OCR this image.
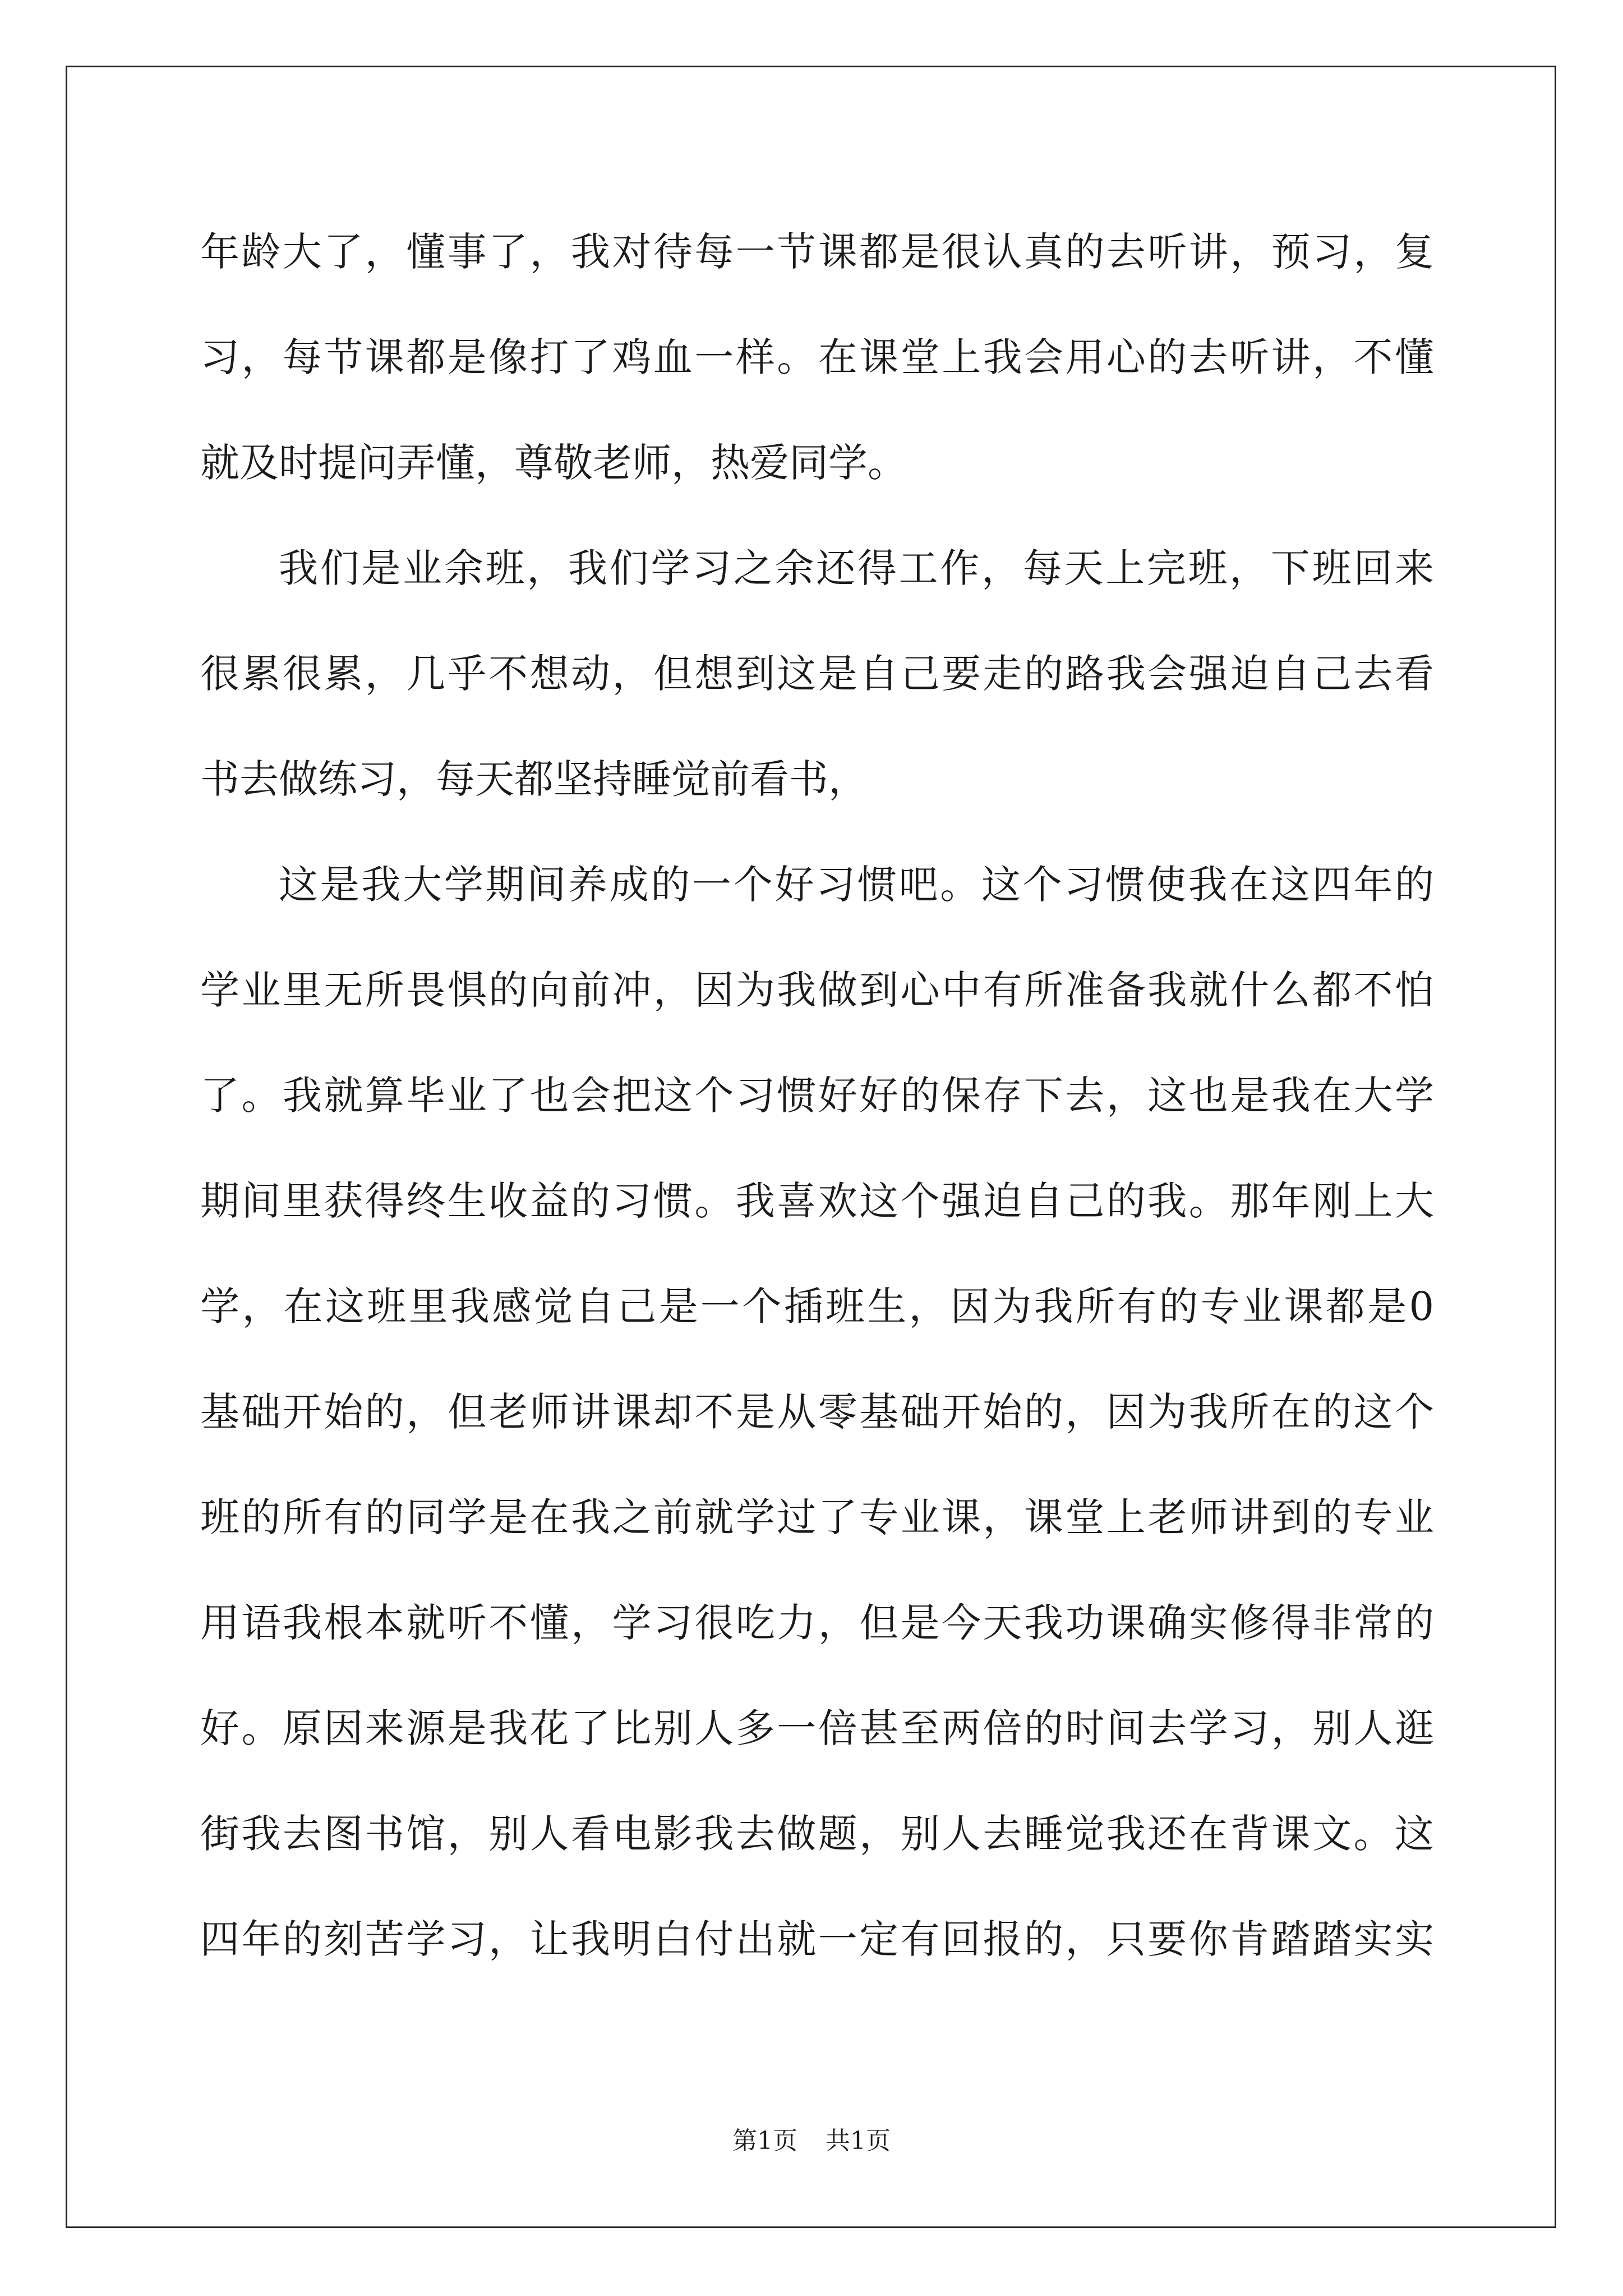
年龄大了，懂事了，我对待每一节课都是很认真的去听讲，预习，复
习，每节课都是像打了鸡血一样。在课堂上我会用心的去听讲，不懂
就及时提问弄懂，尊敬老师，热爱同学。
我们是业余班，我们学习之余还得工作，每天上完班，下班回来
很累很累，几乎不想动，但想到这是自己要走的路我会强迫自己去看
书去做练习，每天都坚持睡觉前看书，
这是我大学期间养成的一个好习惯吧。这个习惯使我在这四年的
学业里无所畏惧的向前冲，因为我做到心中有所准备我就什么都不怕
了。我就算毕业了也会把这个习惯好好的保存下去，这也是我在大学
期间里获得终生收益的习惯。我喜欢这个强迫自己的我。那年刚上大
学，在这班里我感觉自己是一个插班生，因为我所有的专业课都是0
基础开始的，但老师讲课却不是从零基础开始的，因为我所在的这个
班的所有的同学是在我之前就学过了专业课，课堂上老师讲到的专业
用语我根本就听不懂，学习很吃力，但是今天我功课确实修得非常的
好。原因来源是我花了比别人多一倍甚至两倍的时间去学习，别人逛
街我去图书馆，别人看电影我去做题，别人去睡觉我还在背课文。这
四年的刻苦学习，让我明白付出就一定有回报的，只要你肯踏踏实实
第1页 共1页
